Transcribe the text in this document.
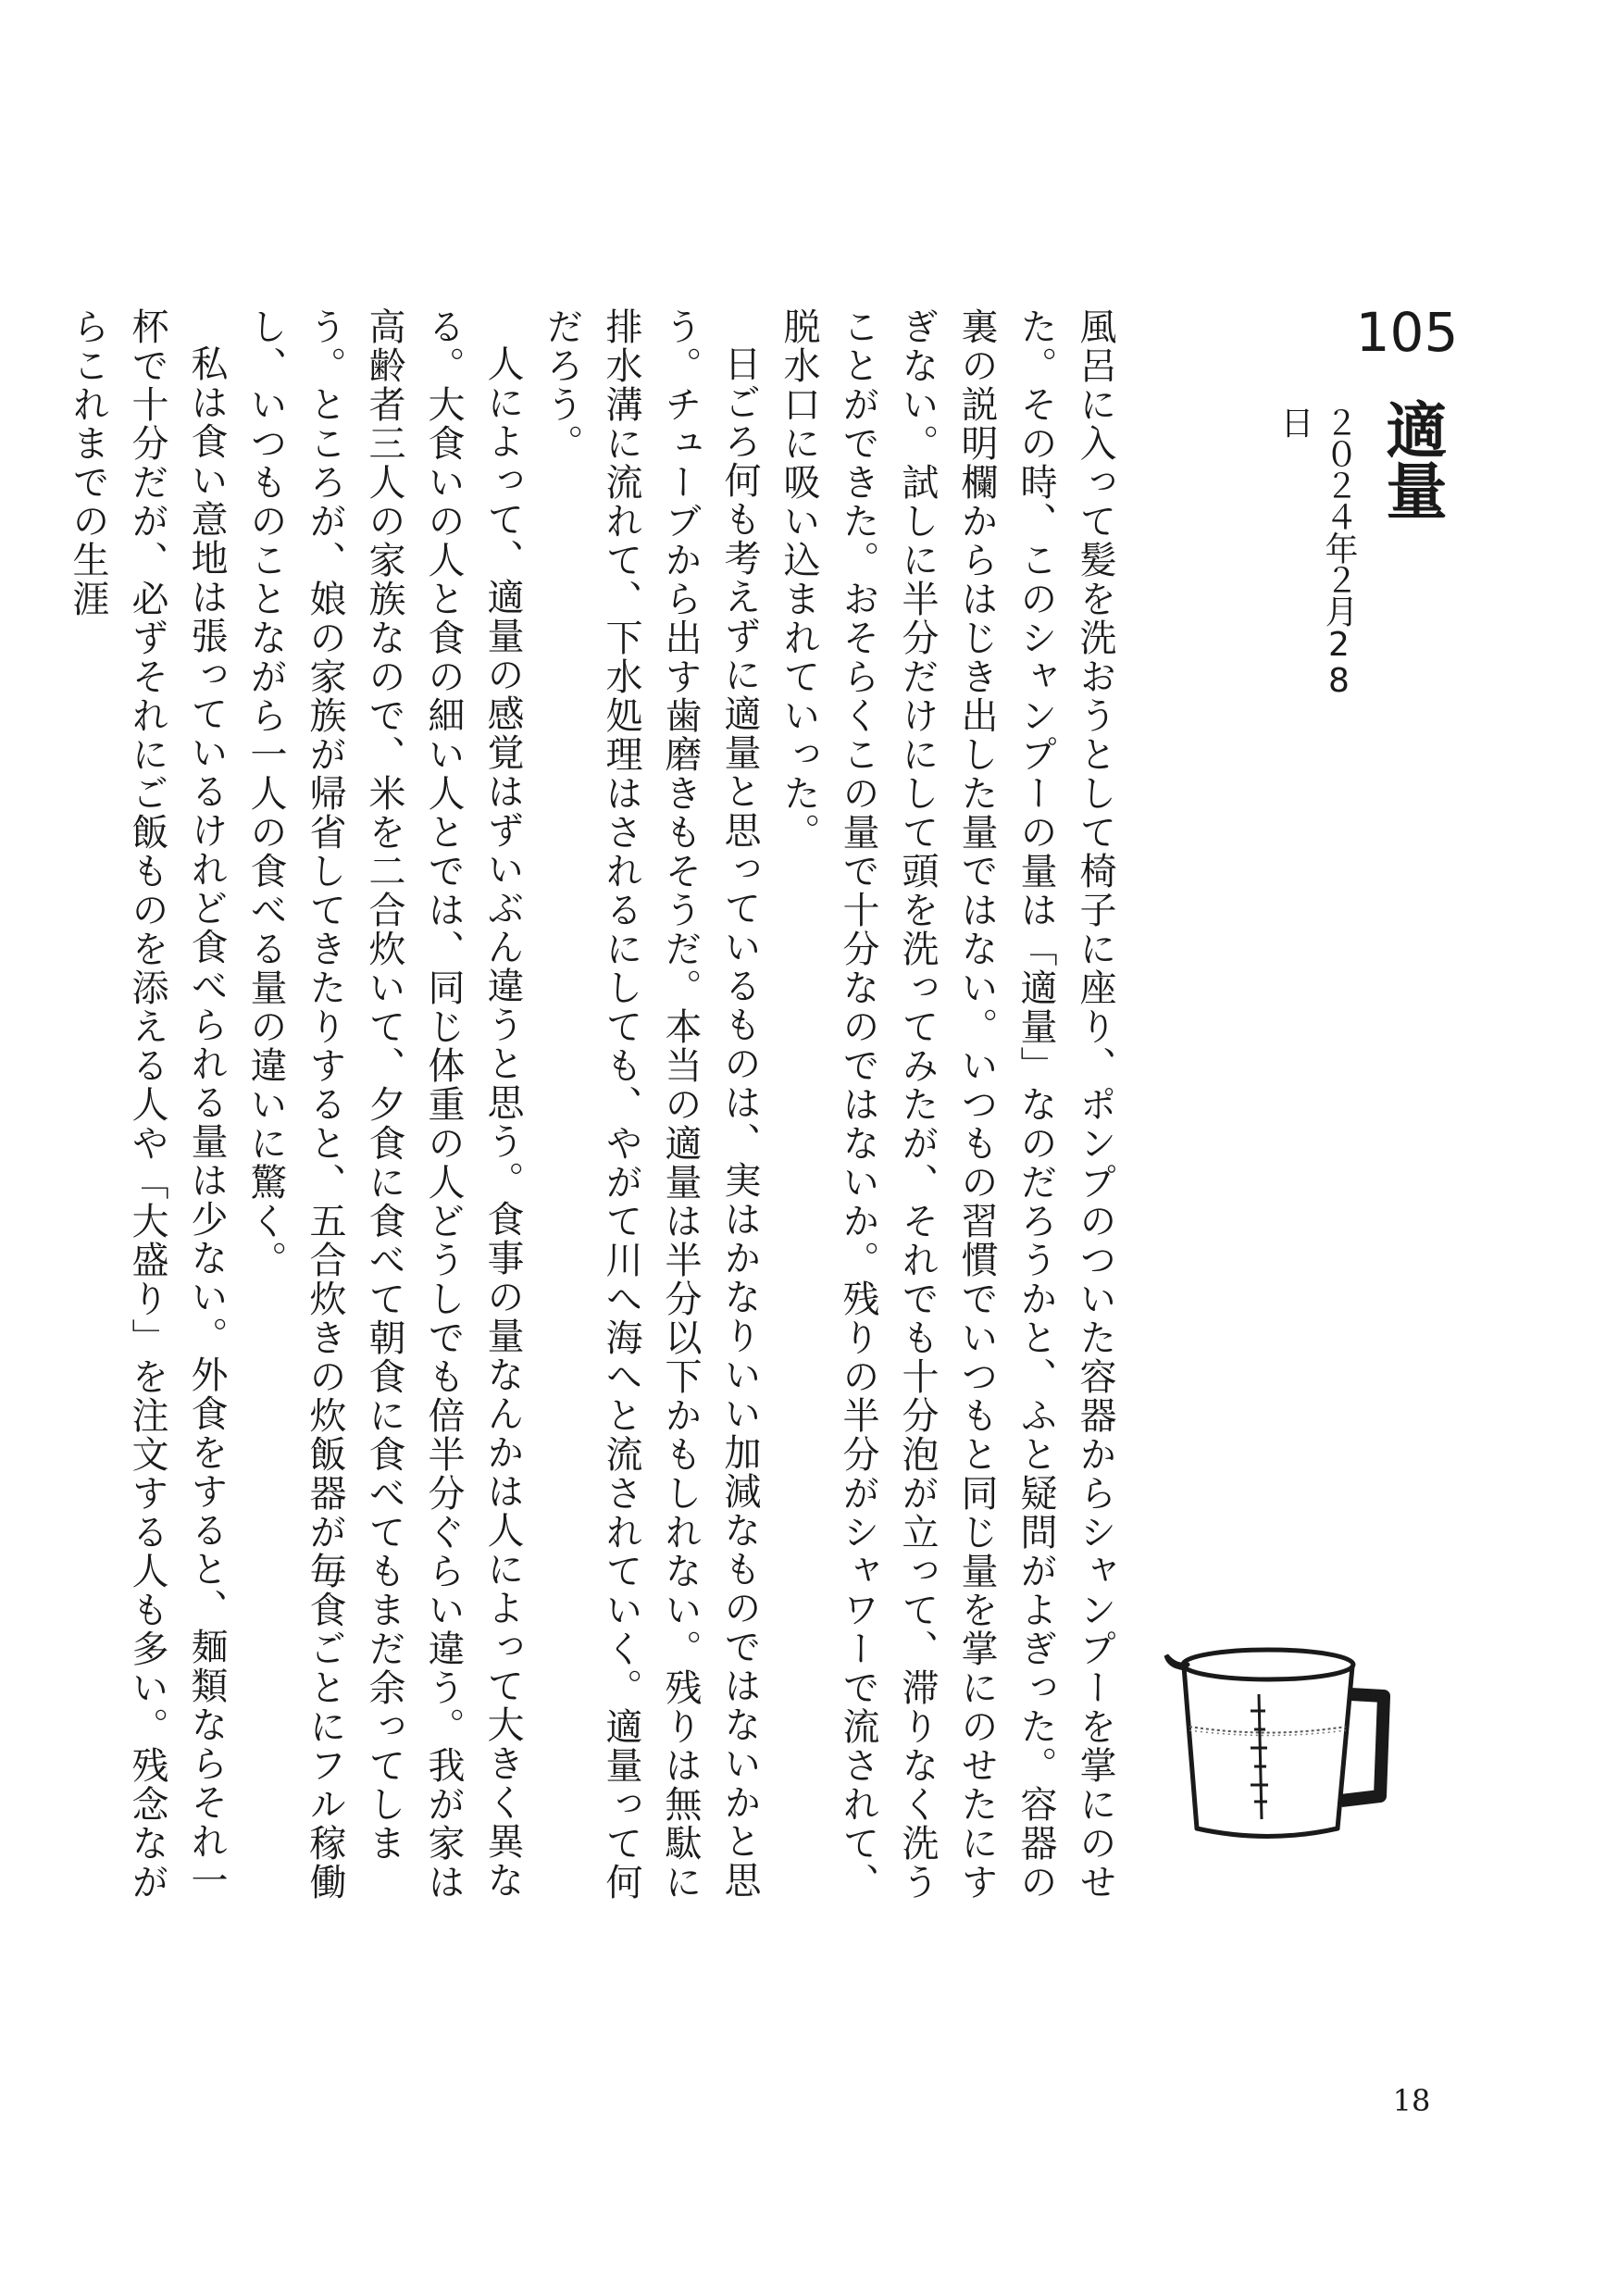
105
適量
２０２４年２月28日

風呂に入って髪を洗おうとして椅子に座り、ポンプのついた容器からシャンプーを掌にのせた。その時、このシャンプーの量は「適量」なのだろうかと、ふと疑問がよぎった。容器の裏の説明欄からはじき出した量ではない。いつもの習慣でいつもと同じ量を掌にのせたにすぎない。試しに半分だけにして頭を洗ってみたが、それでも十分泡が立って、滞りなく洗うことができた。おそらくこの量で十分なのではないか。残りの半分がシャワーで流されて、脱水口に吸い込まれていった。

日ごろ何も考えずに適量と思っているものは、実はかなりいい加減なものではないかと思う。チューブから出す歯磨きもそうだ。本当の適量は半分以下かもしれない。残りは無駄に排水溝に流れて、下水処理はされるにしても、やがて川へ海へと流されていく。適量って何だろう。

人によって、適量の感覚はずいぶん違うと思う。食事の量なんかは人によって大きく異なる。大食いの人と食の細い人とでは、同じ体重の人どうしでも倍半分ぐらい違う。我が家は高齢者三人の家族なので、米を二合炊いて、夕食に食べて朝食に食べてもまだ余ってしまう。ところが、娘の家族が帰省してきたりすると、五合炊きの炊飯器が毎食ごとにフル稼働し、いつものことながら一人の食べる量の違いに驚く。

私は食い意地は張っているけれど食べられる量は少ない。外食をすると、麺類ならそれ一杯で十分だが、必ずそれにご飯ものを添える人や「大盛り」を注文する人も多い。残念ながらこれまでの生涯

18
